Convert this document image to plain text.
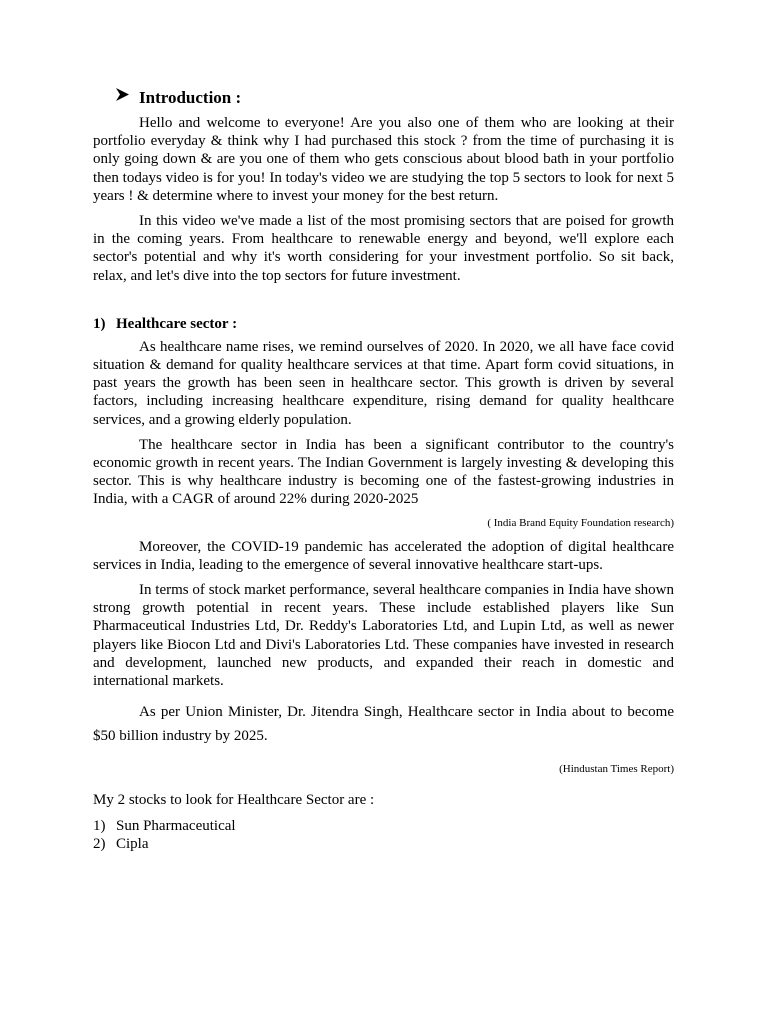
Introduction :

Hello and welcome to everyone! Are you also one of them who are looking at their portfolio everyday & think why I had purchased this stock ? from the time of purchasing it is only going down & are you one of them who gets conscious about blood bath in your portfolio then todays video is for you! In today's video we are studying the top 5 sectors to look for next 5 years ! & determine where to invest your money for the best return.

In this video we've made a list of the most promising sectors that are poised for growth in the coming years. From healthcare to renewable energy and beyond, we'll explore each sector's potential and why it's worth considering for your investment portfolio. So sit back, relax, and let's dive into the top sectors for future investment.

1) Healthcare sector :

As healthcare name rises, we remind ourselves of 2020. In 2020, we all have face covid situation & demand for quality healthcare services at that time. Apart form covid situations, in past years the growth has been seen in healthcare sector. This growth is driven by several factors, including increasing healthcare expenditure, rising demand for quality healthcare services, and a growing elderly population.

The healthcare sector in India has been a significant contributor to the country's economic growth in recent years. The Indian Government is largely investing & developing this sector. This is why healthcare industry is becoming one of the fastest-growing industries in India, with a CAGR of around 22% during 2020-2025

( India Brand Equity Foundation research)

Moreover, the COVID-19 pandemic has accelerated the adoption of digital healthcare services in India, leading to the emergence of several innovative healthcare start-ups.

In terms of stock market performance, several healthcare companies in India have shown strong growth potential in recent years. These include established players like Sun Pharmaceutical Industries Ltd, Dr. Reddy's Laboratories Ltd, and Lupin Ltd, as well as newer players like Biocon Ltd and Divi's Laboratories Ltd. These companies have invested in research and development, launched new products, and expanded their reach in domestic and international markets.

As per Union Minister, Dr. Jitendra Singh, Healthcare sector in India about to become $50 billion industry by 2025.

(Hindustan Times Report)

My 2 stocks to look for Healthcare Sector are :

1) Sun Pharmaceutical
2) Cipla
